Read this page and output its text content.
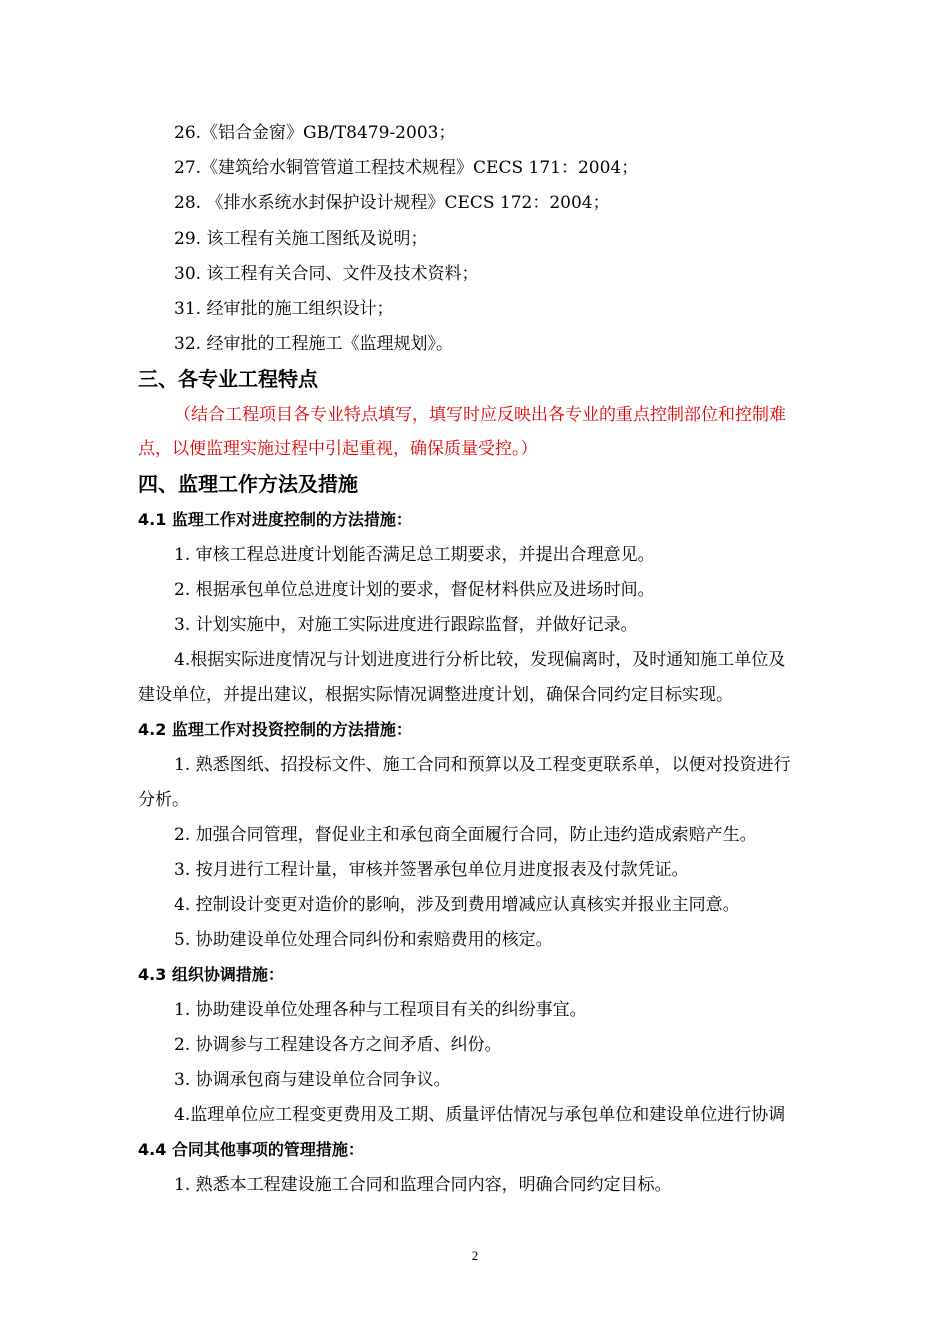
26.《铝合金窗》GB/T8479-2003；
27.《建筑给水铜管管道工程技术规程》CECS 171：2004；
28. 《排水系统水封保护设计规程》CECS 172：2004；
29. 该工程有关施工图纸及说明；
30. 该工程有关合同、文件及技术资料；
31. 经审批的施工组织设计；
32. 经审批的工程施工《监理规划》。
三、各专业工程特点
（结合工程项目各专业特点填写，填写时应反映出各专业的重点控制部位和控制难
点，以便监理实施过程中引起重视，确保质量受控。）
四、监理工作方法及措施
4.1 监理工作对进度控制的方法措施：
1. 审核工程总进度计划能否满足总工期要求，并提出合理意见。
2. 根据承包单位总进度计划的要求，督促材料供应及进场时间。
3. 计划实施中，对施工实际进度进行跟踪监督，并做好记录。
4.根据实际进度情况与计划进度进行分析比较，发现偏离时，及时通知施工单位及
建设单位，并提出建议，根据实际情况调整进度计划，确保合同约定目标实现。
4.2 监理工作对投资控制的方法措施：
1. 熟悉图纸、招投标文件、施工合同和预算以及工程变更联系单，以便对投资进行
分析。
2. 加强合同管理，督促业主和承包商全面履行合同，防止违约造成索赔产生。
3. 按月进行工程计量，审核并签署承包单位月进度报表及付款凭证。
4. 控制设计变更对造价的影响，涉及到费用增减应认真核实并报业主同意。
5. 协助建设单位处理合同纠份和索赔费用的核定。
4.3 组织协调措施：
1. 协助建设单位处理各种与工程项目有关的纠纷事宜。
2. 协调参与工程建设各方之间矛盾、纠份。
3. 协调承包商与建设单位合同争议。
4.监理单位应工程变更费用及工期、质量评估情况与承包单位和建设单位进行协调
4.4 合同其他事项的管理措施：
1. 熟悉本工程建设施工合同和监理合同内容，明确合同约定目标。
2
